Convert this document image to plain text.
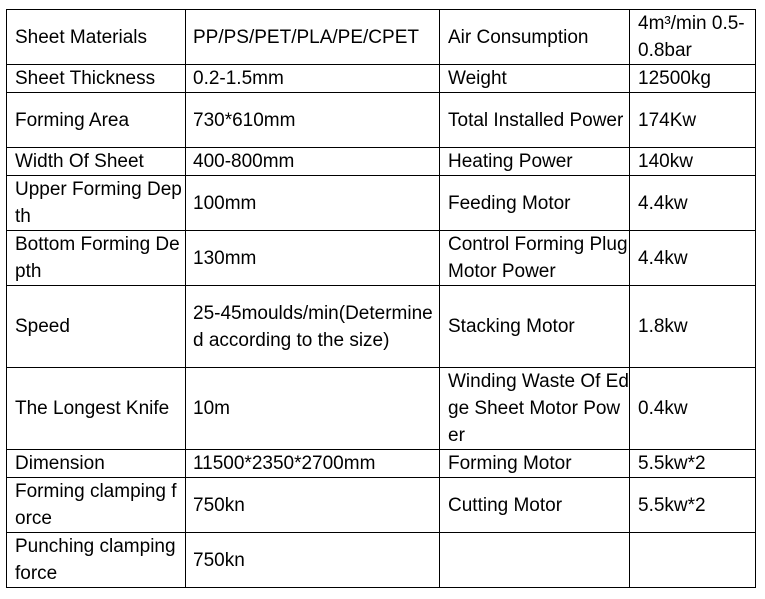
Sheet Materials	PP/PS/PET/PLA/PE/CPET	Air Consumption	4m³/min 0.5-0.8bar
Sheet Thickness	0.2-1.5mm	Weight	12500kg
Forming Area	730*610mm	Total Installed Power	174Kw
Width Of Sheet	400-800mm	Heating Power	140kw
Upper Forming Depth	100mm	Feeding Motor	4.4kw
Bottom Forming Depth	130mm	Control Forming Plug Motor Power	4.4kw
Speed	25-45moulds/min(Determined according to the size)	Stacking Motor	1.8kw
The Longest Knife	10m	Winding Waste Of Edge Sheet Motor Power	0.4kw
Dimension	11500*2350*2700mm	Forming Motor	5.5kw*2
Forming clamping force	750kn	Cutting Motor	5.5kw*2
Punching clamping force	750kn		
